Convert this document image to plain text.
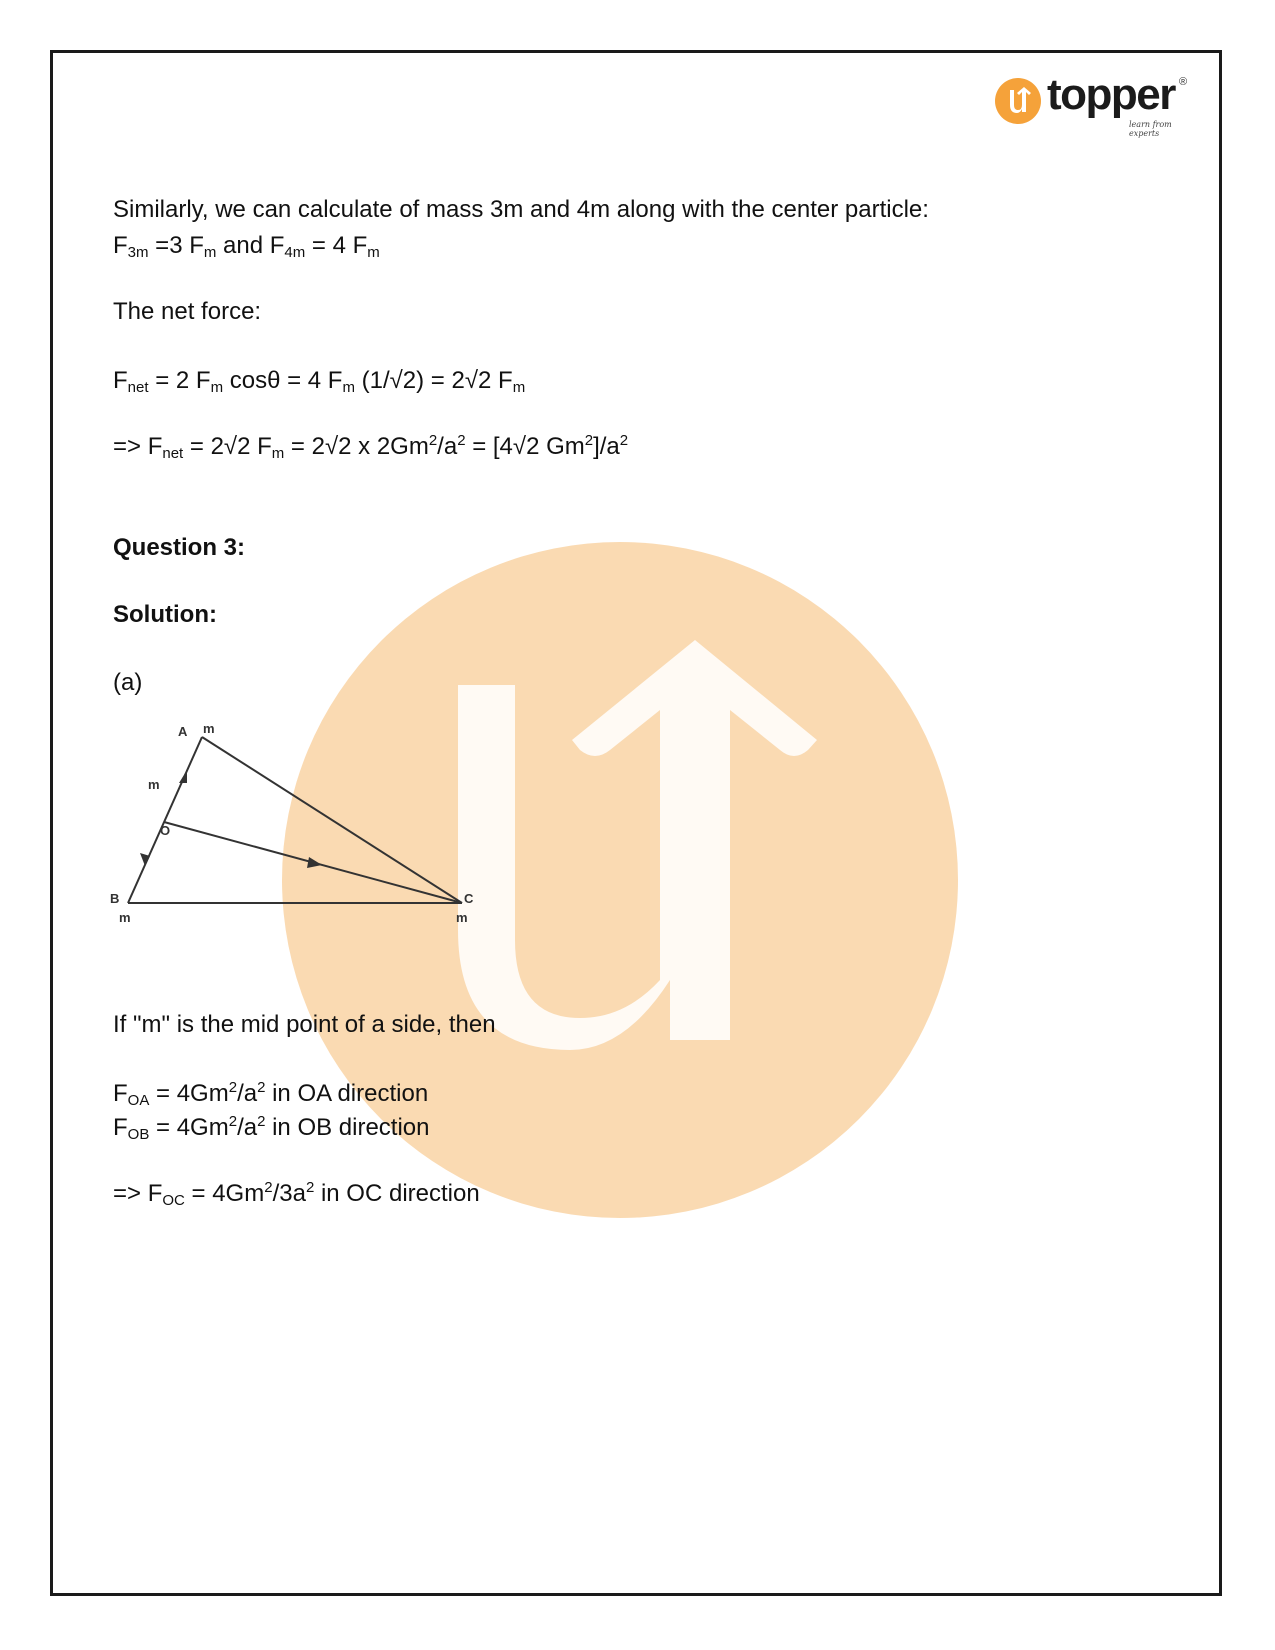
topper ®
learn from experts
Similarly, we can calculate of mass 3m and 4m along with the center particle:
$F_{3m} =3$ $F_m$ and $F_{4m} = 4$ $F_m$
The net force:
$F_{net} = 2$ $F_m$ cosθ = 4 $F_m$ (1/√2) = 2√2 $F_m$
=> $F_{net} = 2√2$ $F_m = 2√2$ x $2Gm^2/a^2 = [4√2$ $Gm^2]/a^2$
Question 3:
Solution:
(a)
A m
m
O
B
m
C
m
If "m" is the mid point of a side, then
$F_{OA} = 4Gm^2/a^2$ in OA direction
$F_{OB} = 4Gm^2/a^2$ in OB direction
=> $F_{OC} = 4Gm^2/3a^2$ in OC direction
